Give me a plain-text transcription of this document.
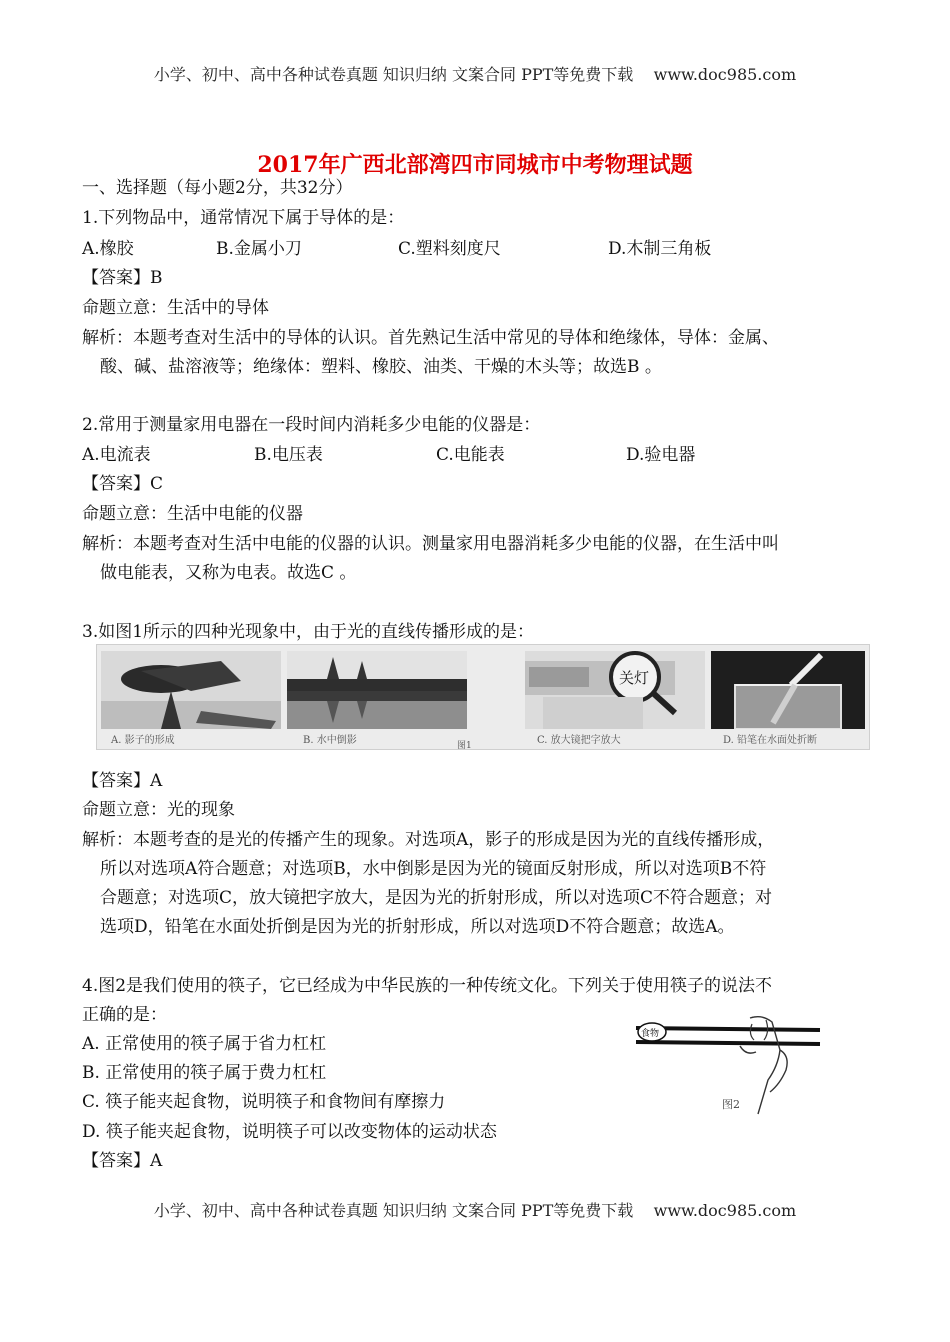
小学、初中、高中各种试卷真题 知识归纳 文案合同 PPT等免费下载    www.doc985.com
2017年广西北部湾四市同城市中考物理试题
一、选择题（每小题2分，共32分）
1.下列物品中，通常情况下属于导体的是：
A.橡胶	B.金属小刀	C.塑料刻度尺	D.木制三角板
【答案】B
命题立意：生活中的导体
解析：本题考查对生活中的导体的认识。首先熟记生活中常见的导体和绝缘体，导体：金属、
酸、碱、盐溶液等；绝缘体：塑料、橡胶、油类、干燥的木头等；故选B 。
2.常用于测量家用电器在一段时间内消耗多少电能的仪器是：
A.电流表	B.电压表	C.电能表	D.验电器
【答案】C
命题立意：生活中电能的仪器
解析：本题考查对生活中电能的仪器的认识。测量家用电器消耗多少电能的仪器，在生活中叫
做电能表，又称为电表。故选C 。
3.如图1所示的四种光现象中，由于光的直线传播形成的是：
A. 影子的形成	B. 水中倒影
关灯
C. 放大镜把字放大	D. 铅笔在水面处折断
图1
【答案】A
命题立意：光的现象
解析：本题考查的是光的传播产生的现象。对选项A，影子的形成是因为光的直线传播形成，
所以对选项A符合题意；对选项B，水中倒影是因为光的镜面反射形成，所以对选项B不符
合题意；对选项C，放大镜把字放大，是因为光的折射形成，所以对选项C不符合题意；对
选项D，铅笔在水面处折倒是因为光的折射形成，所以对选项D不符合题意；故选A。
4.图2是我们使用的筷子，它已经成为中华民族的一种传统文化。下列关于使用筷子的说法不
正确的是：
A. 正常使用的筷子属于省力杠杠
B. 正常使用的筷子属于费力杠杠
C. 筷子能夹起食物，说明筷子和食物间有摩擦力
D. 筷子能夹起食物，说明筷子可以改变物体的运动状态
【答案】A
食物
图2
小学、初中、高中各种试卷真题 知识归纳 文案合同 PPT等免费下载    www.doc985.com
